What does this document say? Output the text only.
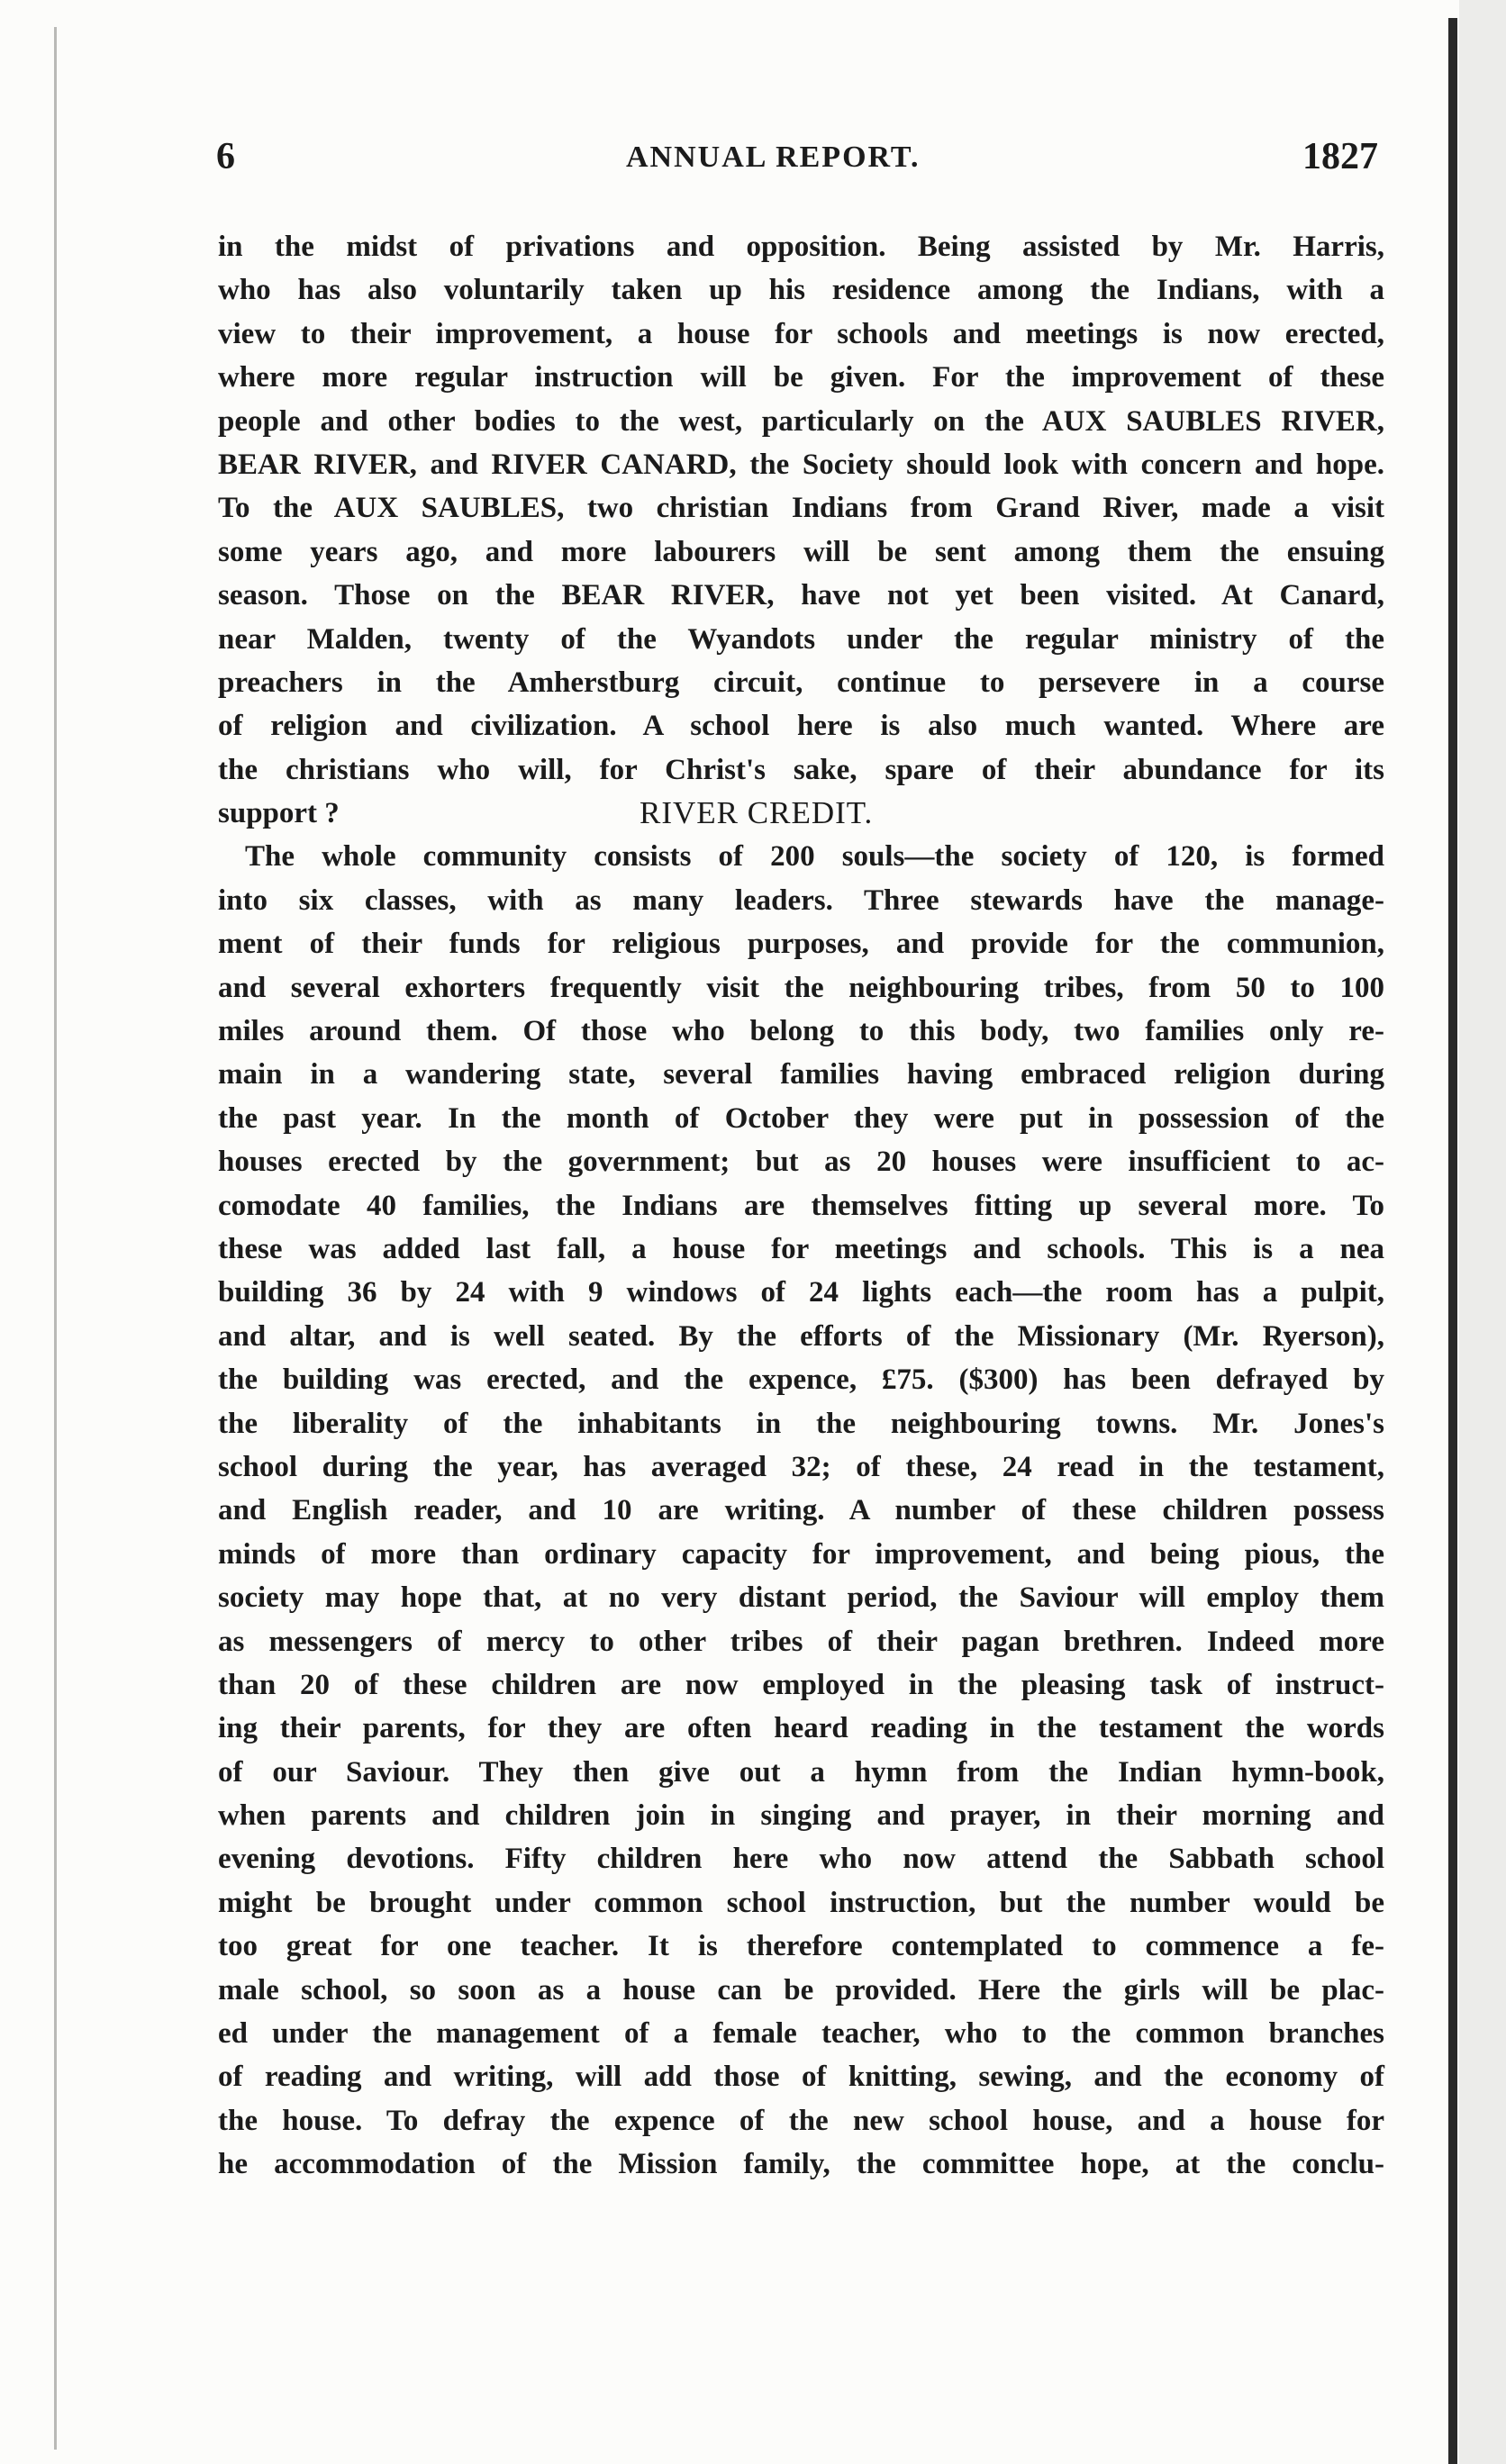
6	ANNUAL REPORT.	1827
in the midst of privations and opposition. Being assisted by Mr. Harris,
who has also voluntarily taken up his residence among the Indians, with a
view to their improvement, a house for schools and meetings is now erected,
where more regular instruction will be given. For the improvement of these
people and other bodies to the west, particularly on the AUX SAUBLES RIVER,
BEAR RIVER, and RIVER CANARD, the Society should look with concern and hope.
To the AUX SAUBLES, two christian Indians from Grand River, made a visit
some years ago, and more labourers will be sent among them the ensuing
season. Those on the BEAR RIVER, have not yet been visited. At Canard,
near Malden, twenty of the Wyandots under the regular ministry of the
preachers in the Amherstburg circuit, continue to persevere in a course
of religion and civilization. A school here is also much wanted. Where are
the christians who will, for Christ's sake, spare of their abundance for its
support ?	RIVER CREDIT.
The whole community consists of 200 souls—the society of 120, is formed
into six classes, with as many leaders. Three stewards have the manage-
ment of their funds for religious purposes, and provide for the communion,
and several exhorters frequently visit the neighbouring tribes, from 50 to 100
miles around them. Of those who belong to this body, two families only re-
main in a wandering state, several families having embraced religion during
the past year. In the month of October they were put in possession of the
houses erected by the government; but as 20 houses were insufficient to ac-
comodate 40 families, the Indians are themselves fitting up several more. To
these was added last fall, a house for meetings and schools. This is a nea
building 36 by 24 with 9 windows of 24 lights each—the room has a pulpit,
and altar, and is well seated. By the efforts of the Missionary (Mr. Ryerson),
the building was erected, and the expence, £75. ($300) has been defrayed by
the liberality of the inhabitants in the neighbouring towns. Mr. Jones's
school during the year, has averaged 32; of these, 24 read in the testament,
and English reader, and 10 are writing. A number of these children possess
minds of more than ordinary capacity for improvement, and being pious, the
society may hope that, at no very distant period, the Saviour will employ them
as messengers of mercy to other tribes of their pagan brethren. Indeed more
than 20 of these children are now employed in the pleasing task of instruct-
ing their parents, for they are often heard reading in the testament the words
of our Saviour. They then give out a hymn from the Indian hymn-book,
when parents and children join in singing and prayer, in their morning and
evening devotions. Fifty children here who now attend the Sabbath school
might be brought under common school instruction, but the number would be
too great for one teacher. It is therefore contemplated to commence a fe-
male school, so soon as a house can be provided. Here the girls will be plac-
ed under the management of a female teacher, who to the common branches
of reading and writing, will add those of knitting, sewing, and the economy of
the house. To defray the expence of the new school house, and a house for
he accommodation of the Mission family, the committee hope, at the conclu-
